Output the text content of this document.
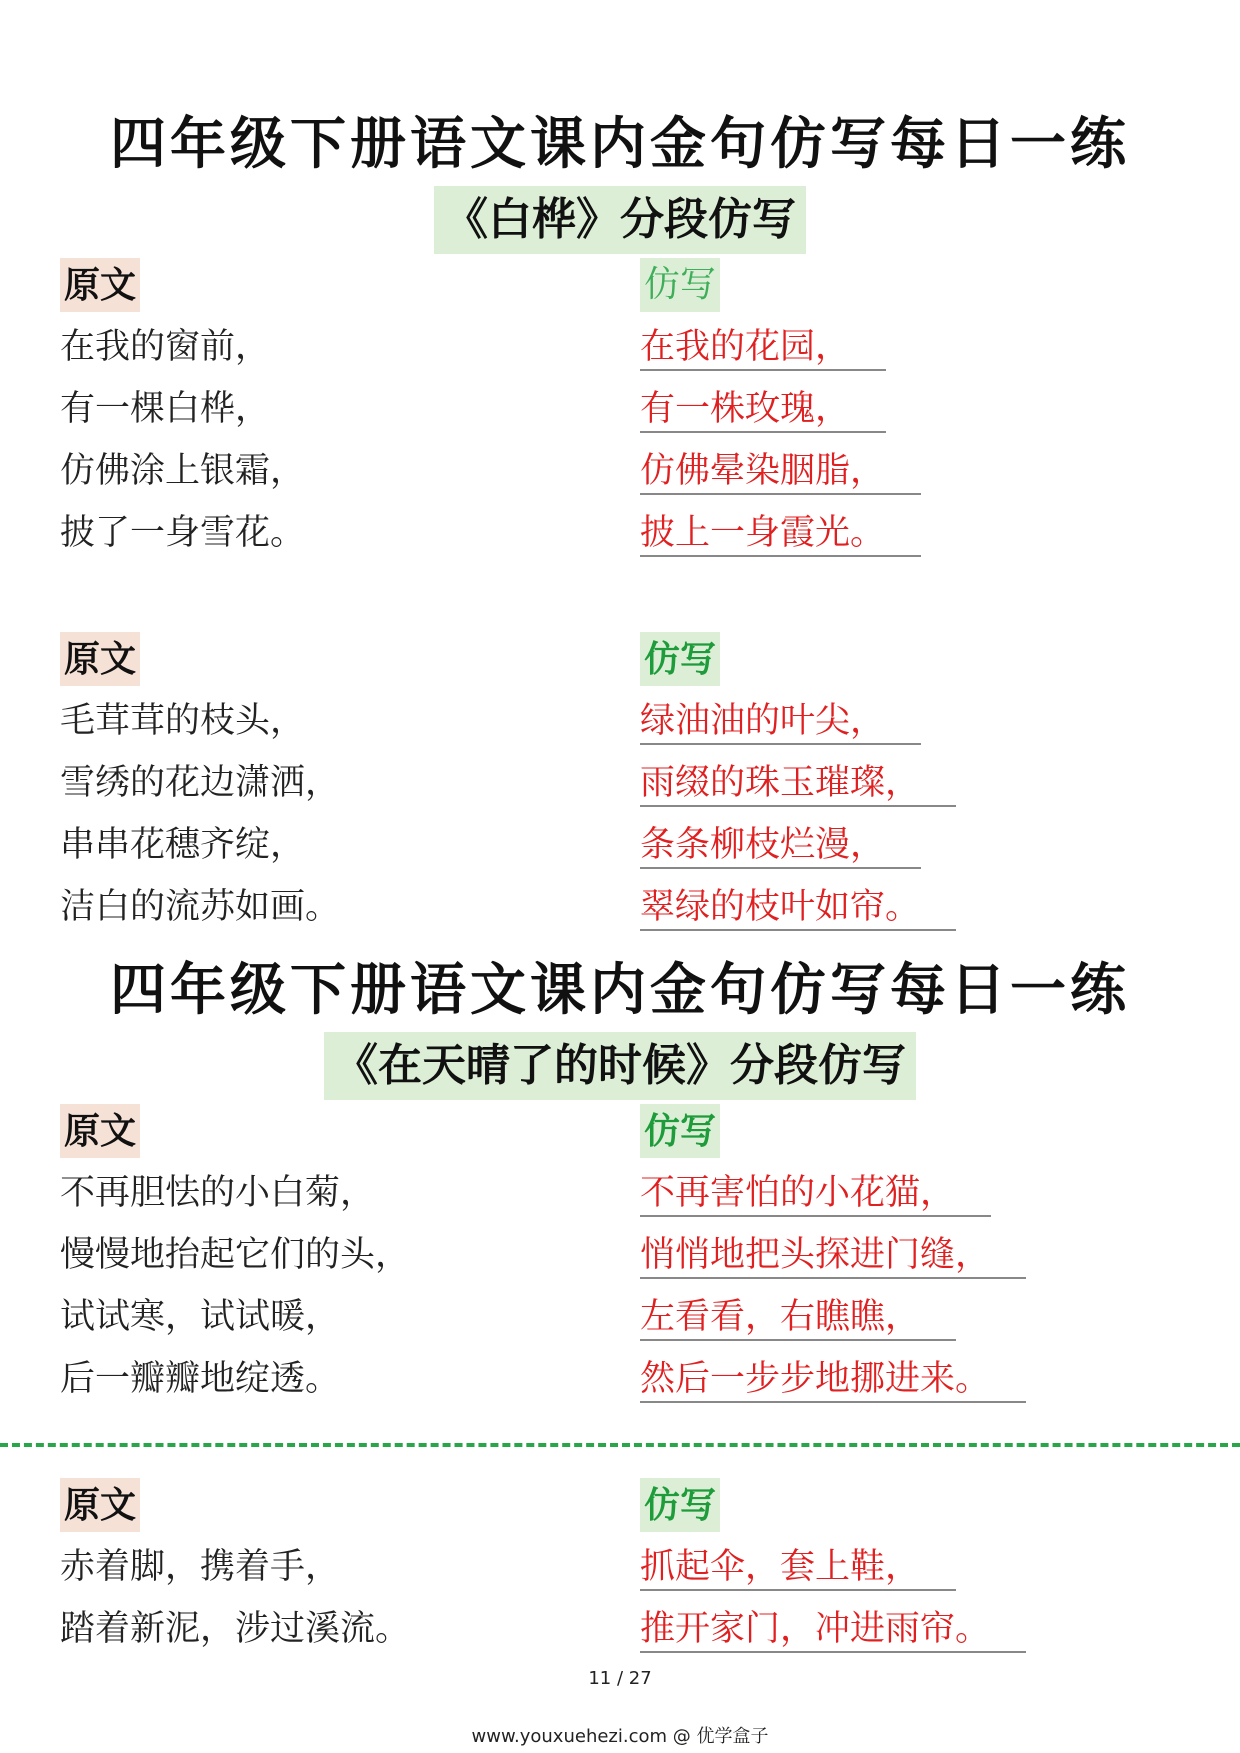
四年级下册语文课内金句仿写每日一练
《白桦》分段仿写
原文
在我的窗前，
有一棵白桦，
仿佛涂上银霜，
披了一身雪花。
仿写
在我的花园，
有一株玫瑰，
仿佛晕染胭脂，
披上一身霞光。
原文
毛茸茸的枝头，
雪绣的花边潇洒，
串串花穗齐绽，
洁白的流苏如画。
仿写
绿油油的叶尖，
雨缀的珠玉璀璨，
条条柳枝烂漫，
翠绿的枝叶如帘。
四年级下册语文课内金句仿写每日一练
《在天晴了的时候》分段仿写
原文
不再胆怯的小白菊，
慢慢地抬起它们的头，
试试寒，试试暖，
后一瓣瓣地绽透。
仿写
不再害怕的小花猫，
悄悄地把头探进门缝，
左看看，右瞧瞧，
然后一步步地挪进来。
原文
赤着脚，携着手，
踏着新泥，涉过溪流。
仿写
抓起伞，套上鞋，
推开家门，冲进雨帘。
11 / 27
www.youxuehezi.com @ 优学盒子
